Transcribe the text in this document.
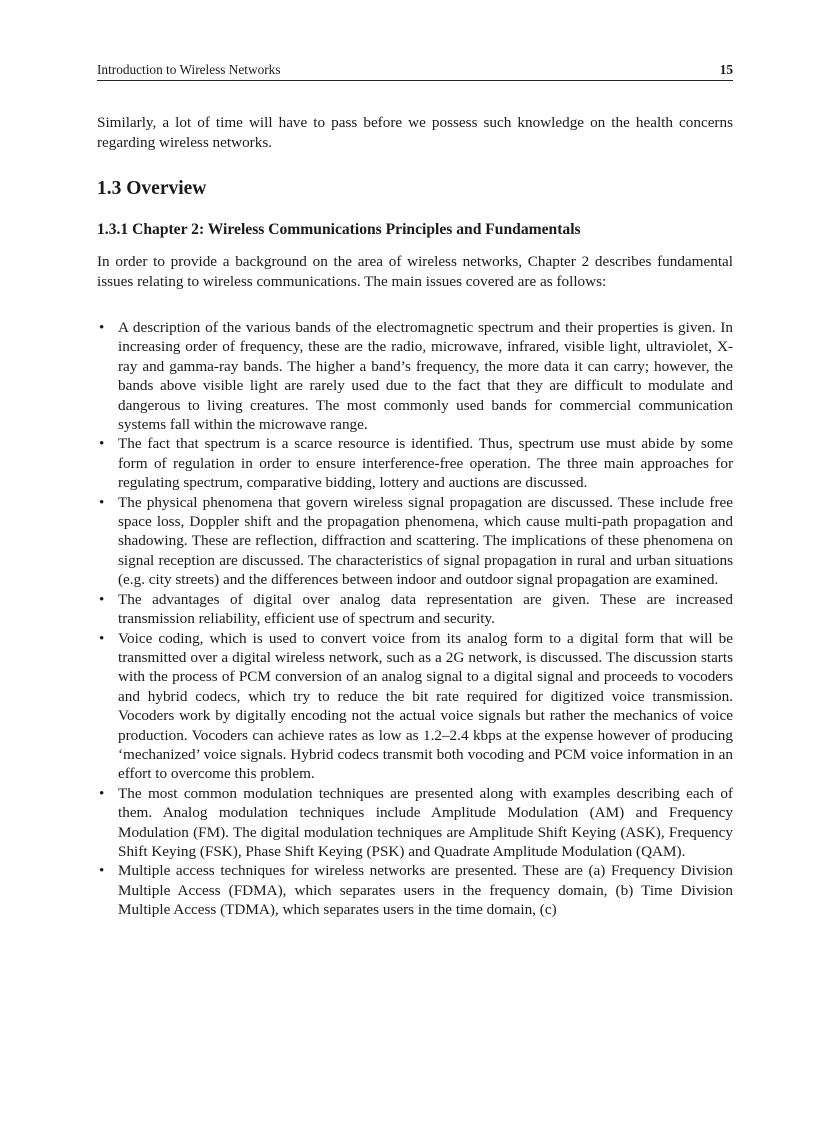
Introduction to Wireless Networks	15

Similarly, a lot of time will have to pass before we possess such knowledge on the health concerns regarding wireless networks.

1.3 Overview
1.3.1 Chapter 2: Wireless Communications Principles and Fundamentals

In order to provide a background on the area of wireless networks, Chapter 2 describes fundamental issues relating to wireless communications. The main issues covered are as follows:

• A description of the various bands of the electromagnetic spectrum and their properties is given. In increasing order of frequency, these are the radio, microwave, infrared, visible light, ultraviolet, X-ray and gamma-ray bands. The higher a band’s frequency, the more data it can carry; however, the bands above visible light are rarely used due to the fact that they are difficult to modulate and dangerous to living creatures. The most commonly used bands for commercial communication systems fall within the microwave range.
• The fact that spectrum is a scarce resource is identified. Thus, spectrum use must abide by some form of regulation in order to ensure interference-free operation. The three main approaches for regulating spectrum, comparative bidding, lottery and auctions are discussed.
• The physical phenomena that govern wireless signal propagation are discussed. These include free space loss, Doppler shift and the propagation phenomena, which cause multi-path propagation and shadowing. These are reflection, diffraction and scattering. The implications of these phenomena on signal reception are discussed. The characteristics of signal propagation in rural and urban situations (e.g. city streets) and the differences between indoor and outdoor signal propagation are examined.
• The advantages of digital over analog data representation are given. These are increased transmission reliability, efficient use of spectrum and security.
• Voice coding, which is used to convert voice from its analog form to a digital form that will be transmitted over a digital wireless network, such as a 2G network, is discussed. The discussion starts with the process of PCM conversion of an analog signal to a digital signal and proceeds to vocoders and hybrid codecs, which try to reduce the bit rate required for digitized voice transmission. Vocoders work by digitally encoding not the actual voice signals but rather the mechanics of voice production. Vocoders can achieve rates as low as 1.2–2.4 kbps at the expense however of producing ‘mechanized’ voice signals. Hybrid codecs transmit both vocoding and PCM voice information in an effort to overcome this problem.
• The most common modulation techniques are presented along with examples describing each of them. Analog modulation techniques include Amplitude Modulation (AM) and Frequency Modulation (FM). The digital modulation techniques are Amplitude Shift Keying (ASK), Frequency Shift Keying (FSK), Phase Shift Keying (PSK) and Quadrate Amplitude Modulation (QAM).
• Multiple access techniques for wireless networks are presented. These are (a) Frequency Division Multiple Access (FDMA), which separates users in the frequency domain, (b) Time Division Multiple Access (TDMA), which separates users in the time domain, (c)
